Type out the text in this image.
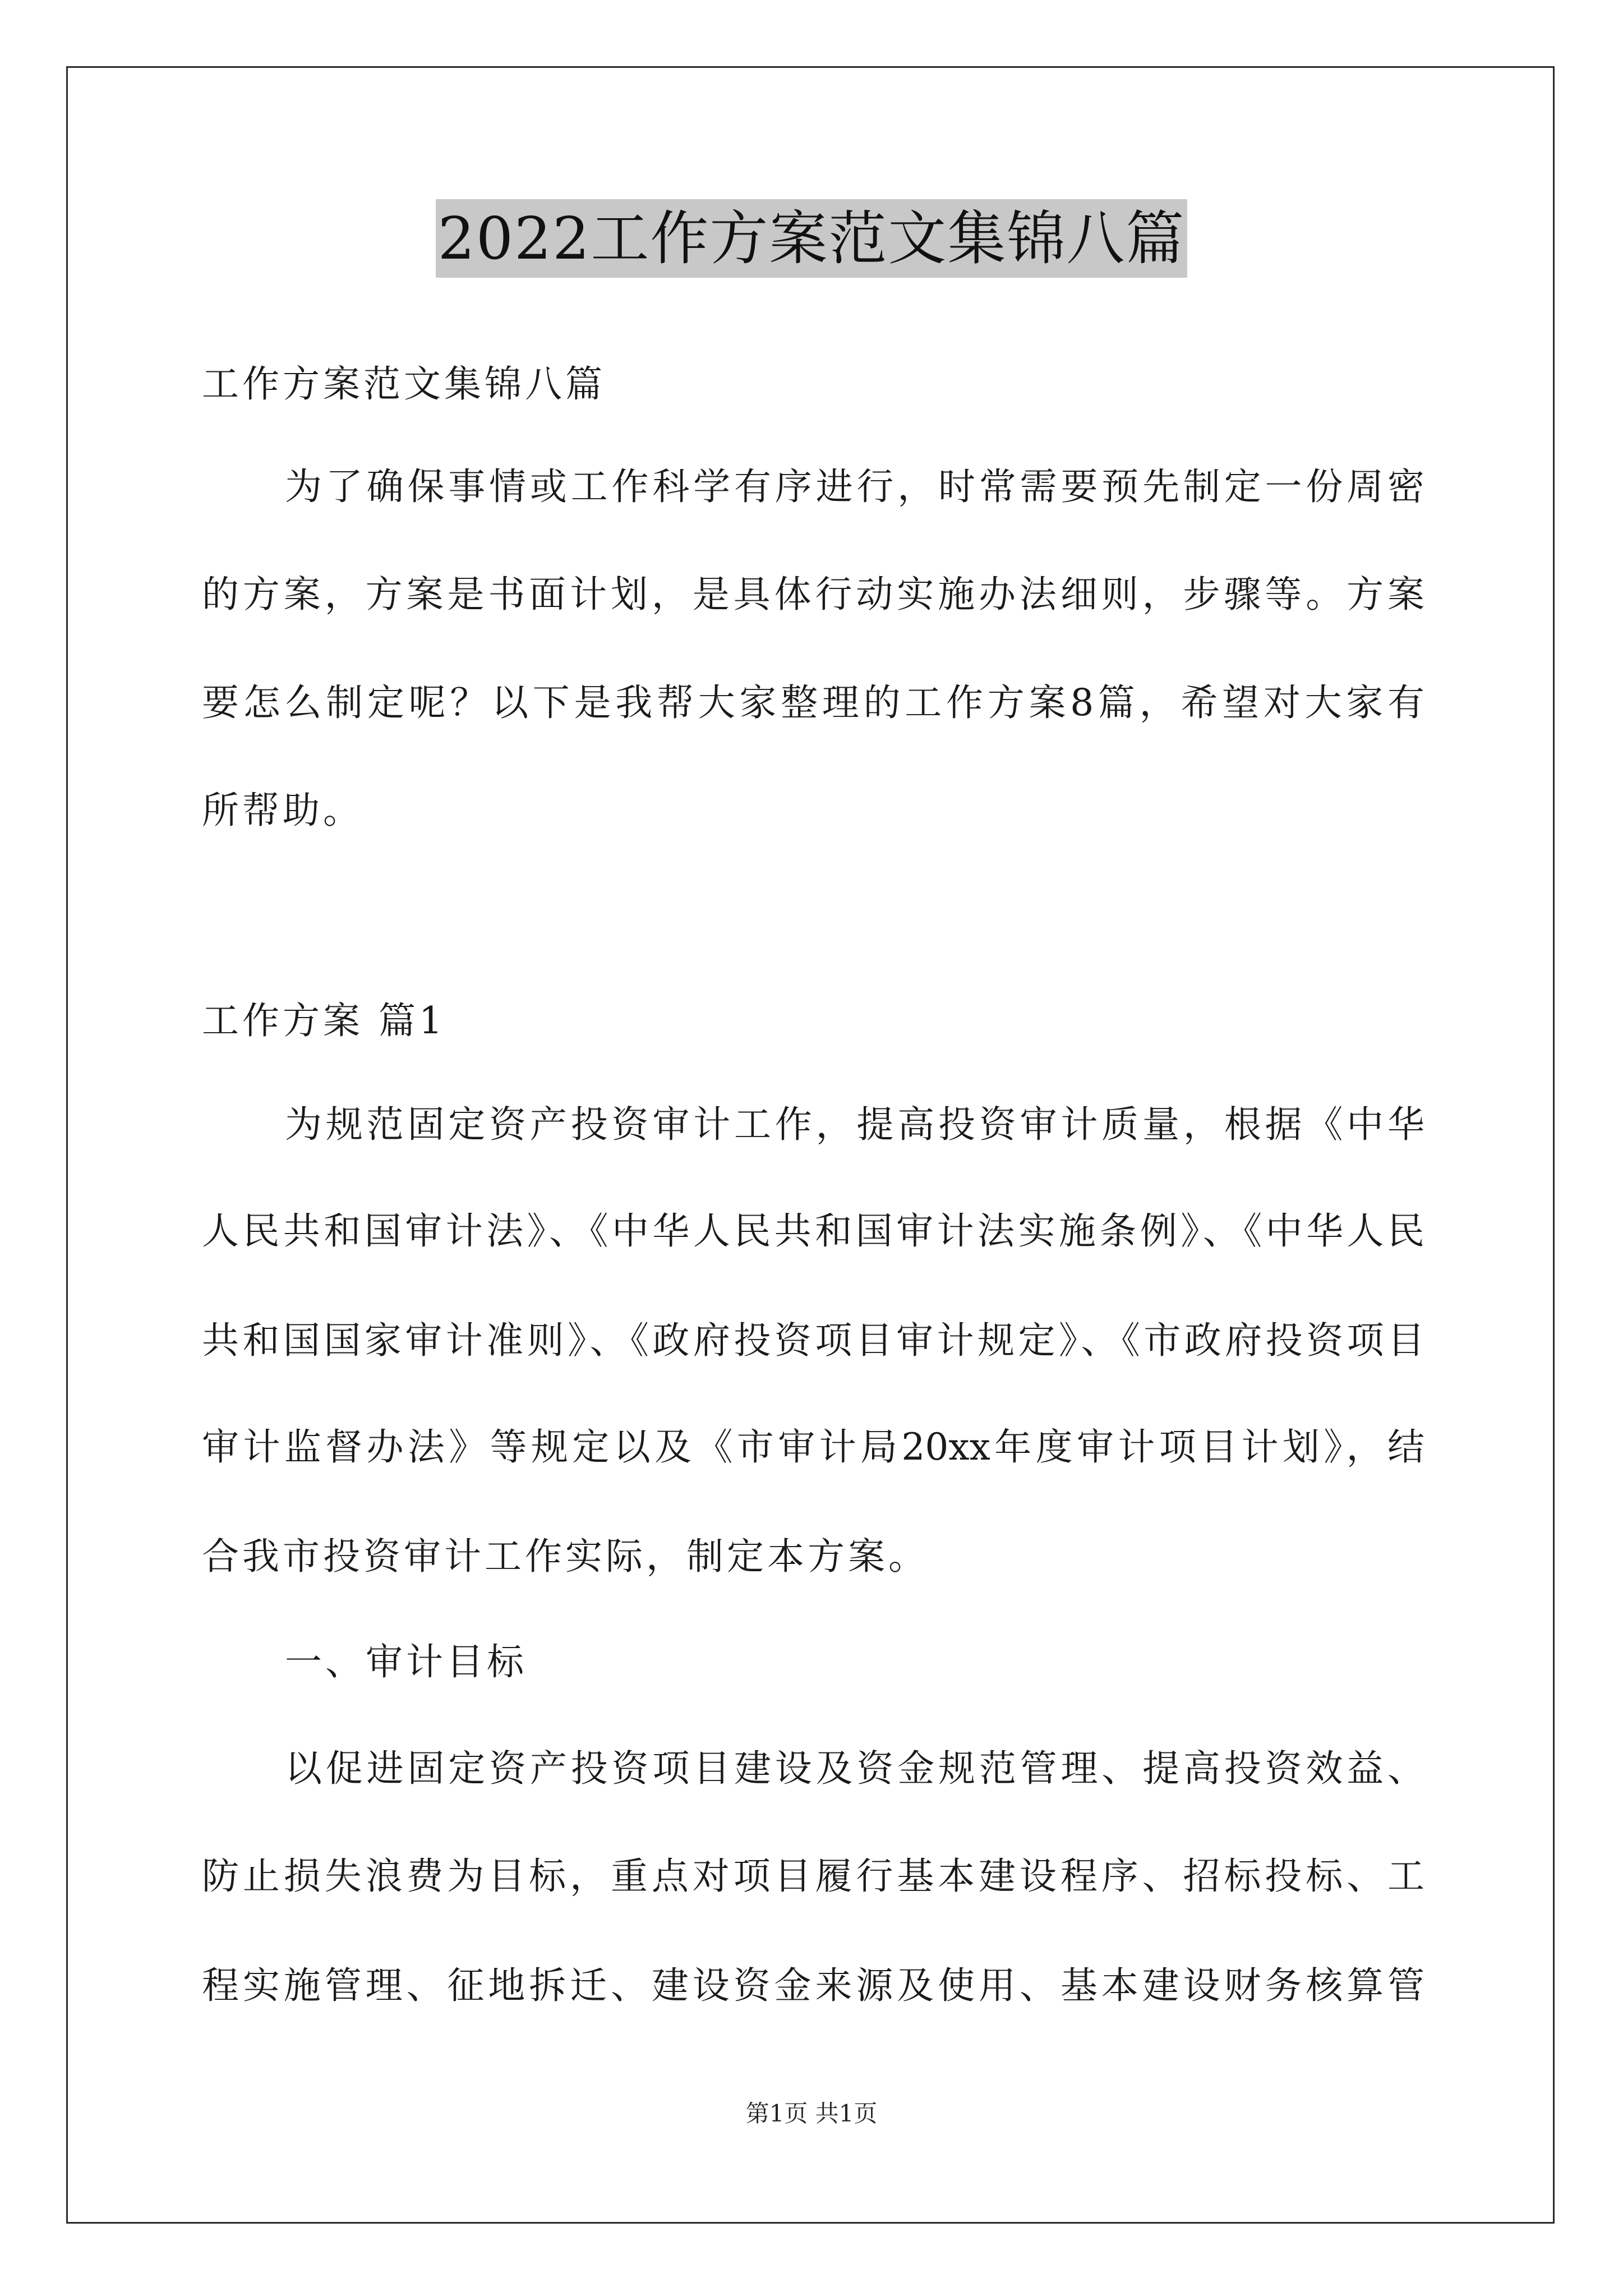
2022工作方案范文集锦八篇
工作方案范文集锦八篇
为了确保事情或工作科学有序进行，时常需要预先制定一份周密
的方案，方案是书面计划，是具体行动实施办法细则，步骤等。方案
要怎么制定呢？以下是我帮大家整理的工作方案8篇，希望对大家有
所帮助。
工作方案 篇1
为规范固定资产投资审计工作，提高投资审计质量，根据《中华
人民共和国审计法》、《中华人民共和国审计法实施条例》、《中华人民
共和国国家审计准则》、《政府投资项目审计规定》、《市政府投资项目
审计监督办法》等规定以及《市审计局20xx年度审计项目计划》，结
合我市投资审计工作实际，制定本方案。
一、审计目标
以促进固定资产投资项目建设及资金规范管理、提高投资效益、
防止损失浪费为目标，重点对项目履行基本建设程序、招标投标、工
程实施管理、征地拆迁、建设资金来源及使用、基本建设财务核算管
第1页 共1页
